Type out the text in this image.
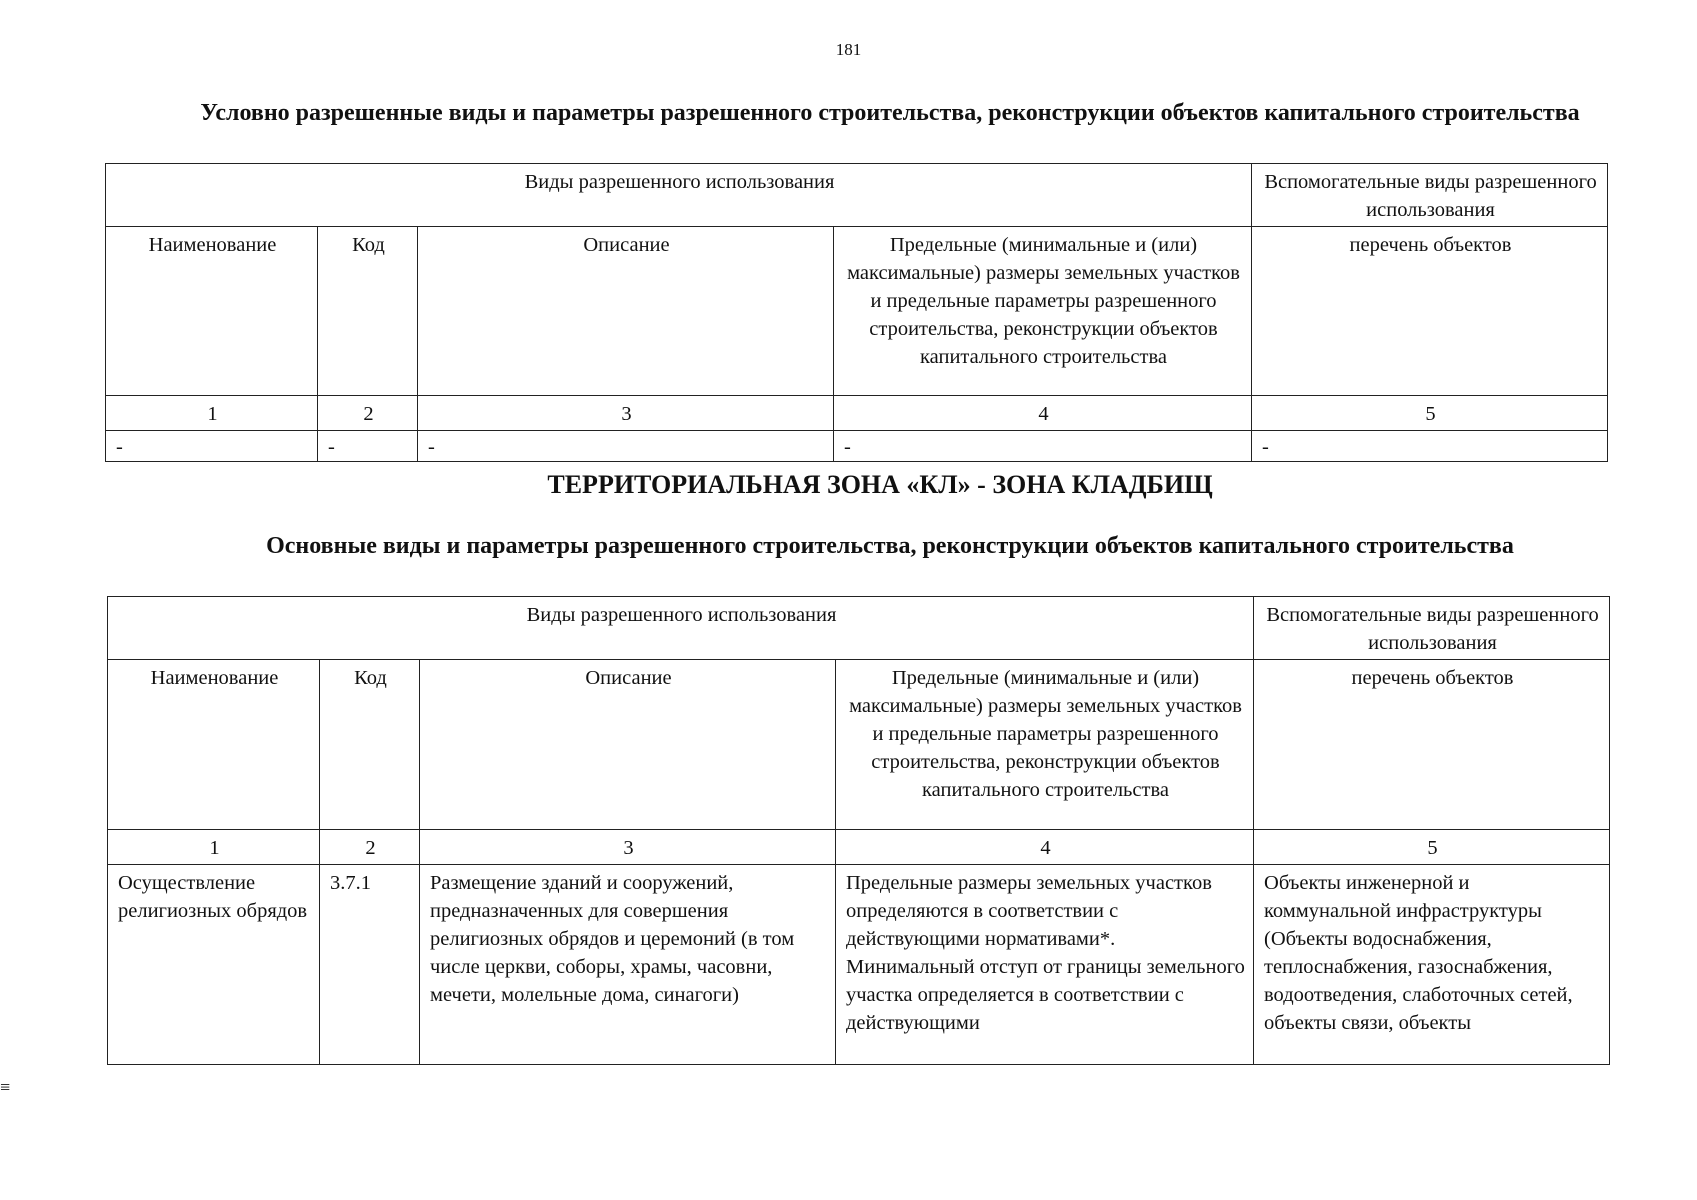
181
Условно разрешенные виды и параметры разрешенного строительства, реконструкции объектов капитального строительства
Виды разрешенного использования				Вспомогательные виды разрешенного использования
Наименование	Код	Описание	Предельные (минимальные и (или) максимальные) размеры земельных участков и предельные параметры разрешенного строительства, реконструкции объектов капитального строительства	перечень объектов
1	2	3	4	5
-	-	-	-	-
ТЕРРИТОРИАЛЬНАЯ ЗОНА «КЛ» - ЗОНА КЛАДБИЩ
Основные виды и параметры разрешенного строительства, реконструкции объектов капитального строительства
Виды разрешенного использования				Вспомогательные виды разрешенного использования
Наименование	Код	Описание	Предельные (минимальные и (или) максимальные) размеры земельных участков и предельные параметры разрешенного строительства, реконструкции объектов капитального строительства	перечень объектов
1	2	3	4	5
Осуществление религиозных обрядов	3.7.1	Размещение зданий и сооружений, предназначенных для совершения религиозных обрядов и церемоний (в том числе церкви, соборы, храмы, часовни, мечети, молельные дома, синагоги)	Предельные размеры земельных участков определяются в соответствии с действующими нормативами*. Минимальный отступ от границы земельного участка определяется в соответствии с действующими	Объекты инженерной и коммунальной инфраструктуры (Объекты водоснабжения, теплоснабжения, газоснабжения, водоотведения, слаботочных сетей, объекты связи, объекты
≡
